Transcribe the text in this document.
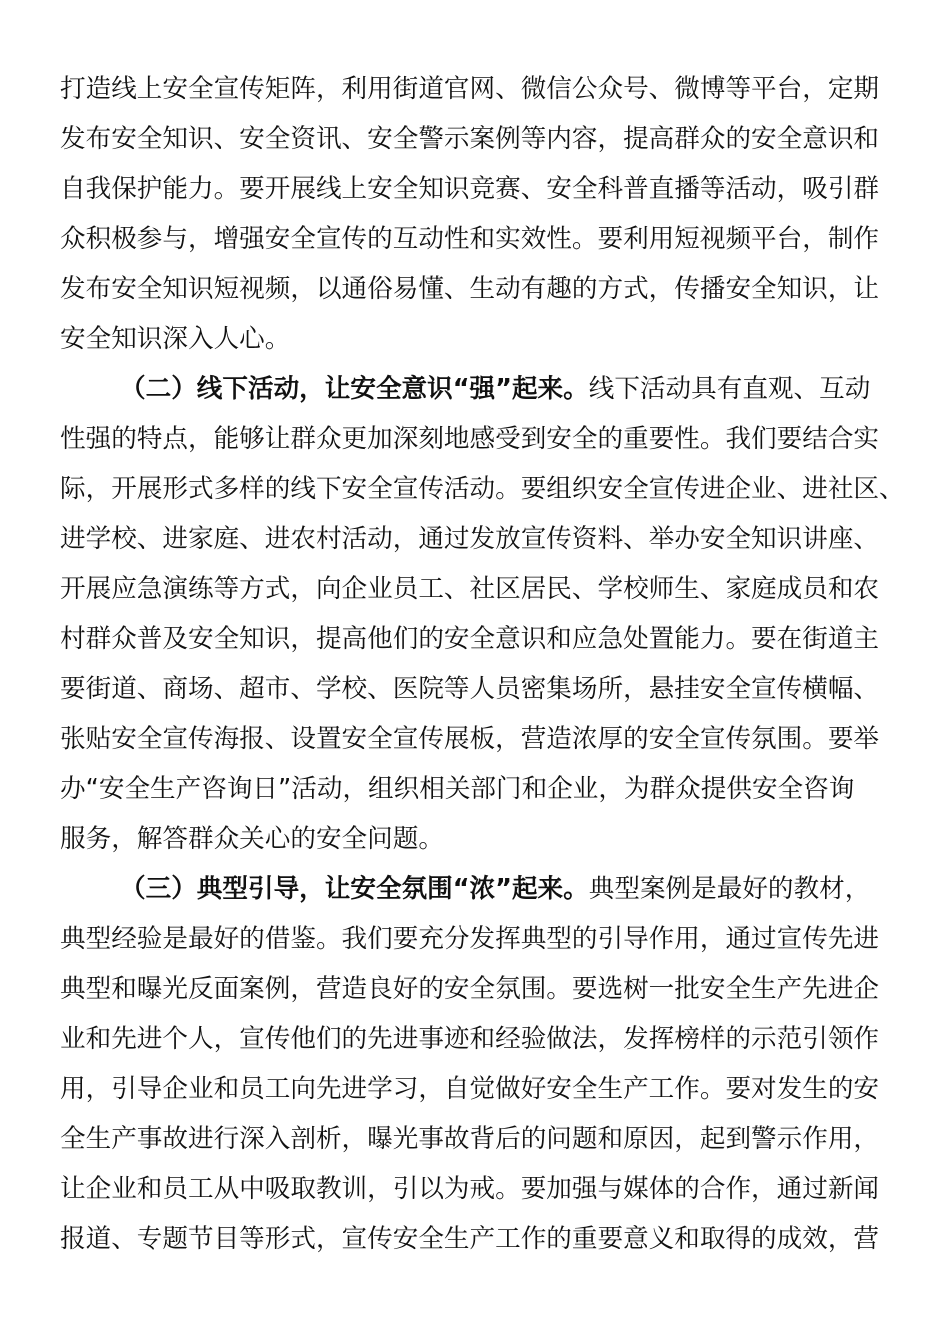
打造线上安全宣传矩阵，利用街道官网、微信公众号、微博等平台，定期
发布安全知识、安全资讯、安全警示案例等内容，提高群众的安全意识和
自我保护能力。要开展线上安全知识竞赛、安全科普直播等活动，吸引群
众积极参与，增强安全宣传的互动性和实效性。要利用短视频平台，制作
发布安全知识短视频，以通俗易懂、生动有趣的方式，传播安全知识，让
安全知识深入人心。
（二）线下活动，让安全意识“强”起来。线下活动具有直观、互动
性强的特点，能够让群众更加深刻地感受到安全的重要性。我们要结合实
际，开展形式多样的线下安全宣传活动。要组织安全宣传进企业、进社区、
进学校、进家庭、进农村活动，通过发放宣传资料、举办安全知识讲座、
开展应急演练等方式，向企业员工、社区居民、学校师生、家庭成员和农
村群众普及安全知识，提高他们的安全意识和应急处置能力。要在街道主
要街道、商场、超市、学校、医院等人员密集场所，悬挂安全宣传横幅、
张贴安全宣传海报、设置安全宣传展板，营造浓厚的安全宣传氛围。要举
办“安全生产咨询日”活动，组织相关部门和企业，为群众提供安全咨询
服务，解答群众关心的安全问题。
（三）典型引导，让安全氛围“浓”起来。典型案例是最好的教材，
典型经验是最好的借鉴。我们要充分发挥典型的引导作用，通过宣传先进
典型和曝光反面案例，营造良好的安全氛围。要选树一批安全生产先进企
业和先进个人，宣传他们的先进事迹和经验做法，发挥榜样的示范引领作
用，引导企业和员工向先进学习，自觉做好安全生产工作。要对发生的安
全生产事故进行深入剖析，曝光事故背后的问题和原因，起到警示作用，
让企业和员工从中吸取教训，引以为戒。要加强与媒体的合作，通过新闻
报道、专题节目等形式，宣传安全生产工作的重要意义和取得的成效，营
